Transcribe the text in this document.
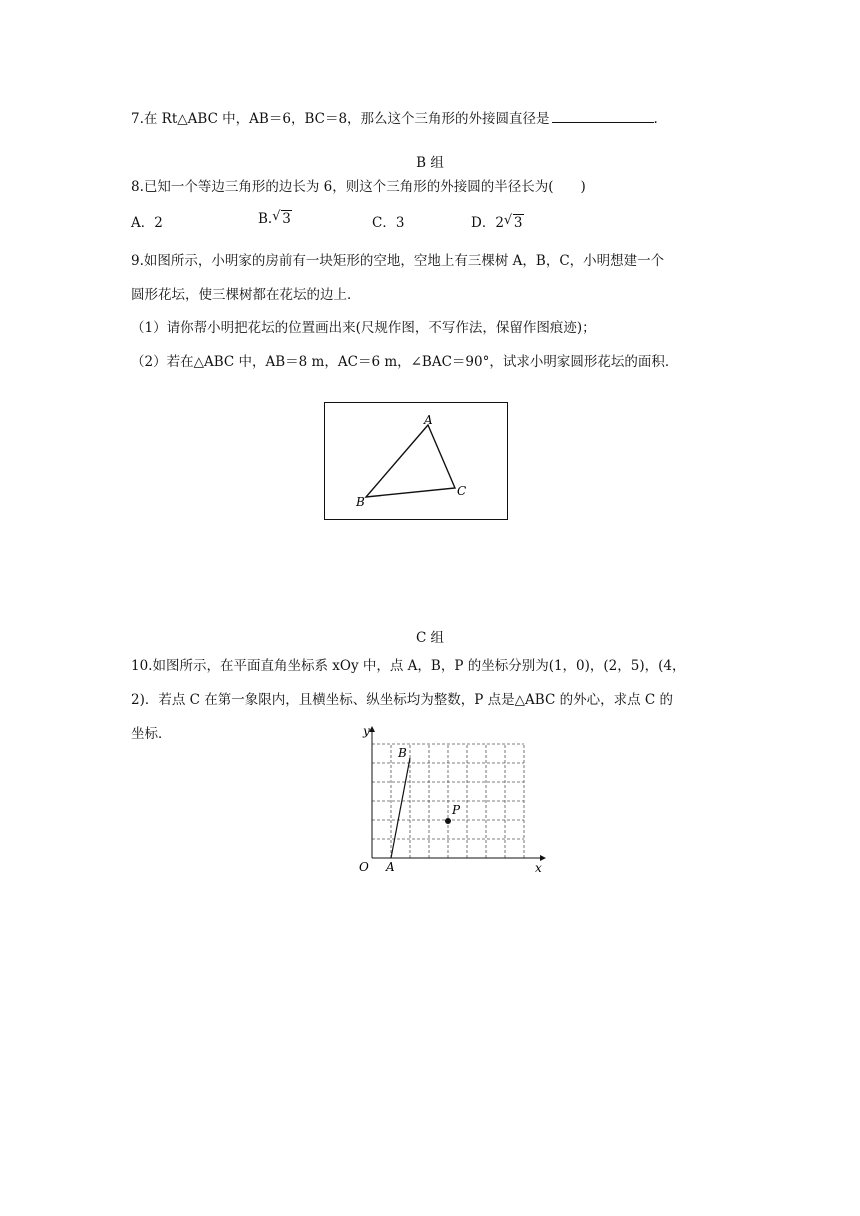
7.在 Rt△ABC 中，AB＝6，BC＝8，那么这个三角形的外接圆直径是	.
B 组
8.已知一个等边三角形的边长为 6，则这个三角形的外接圆的半径长为(　　)
A．2	B. √ 3	C．3	D．2 √ 3
9.如图所示，小明家的房前有一块矩形的空地，空地上有三棵树 A，B，C，小明想建一个
圆形花坛，使三棵树都在花坛的边上．
（1）请你帮小明把花坛的位置画出来(尺规作图，不写作法，保留作图痕迹)；
（2）若在△ABC 中，AB＝8 m，AC＝6 m，∠BAC＝90°，试求小明家圆形花坛的面积．
A
B
C
C 组
10.如图所示，在平面直角坐标系 xOy 中，点 A，B，P 的坐标分别为(1，0)，(2，5)，(4，
2)．若点 C 在第一象限内，且横坐标、纵坐标均为整数，P 点是△ABC 的外心，求点 C 的
坐标．	y
x
O A
B
P
